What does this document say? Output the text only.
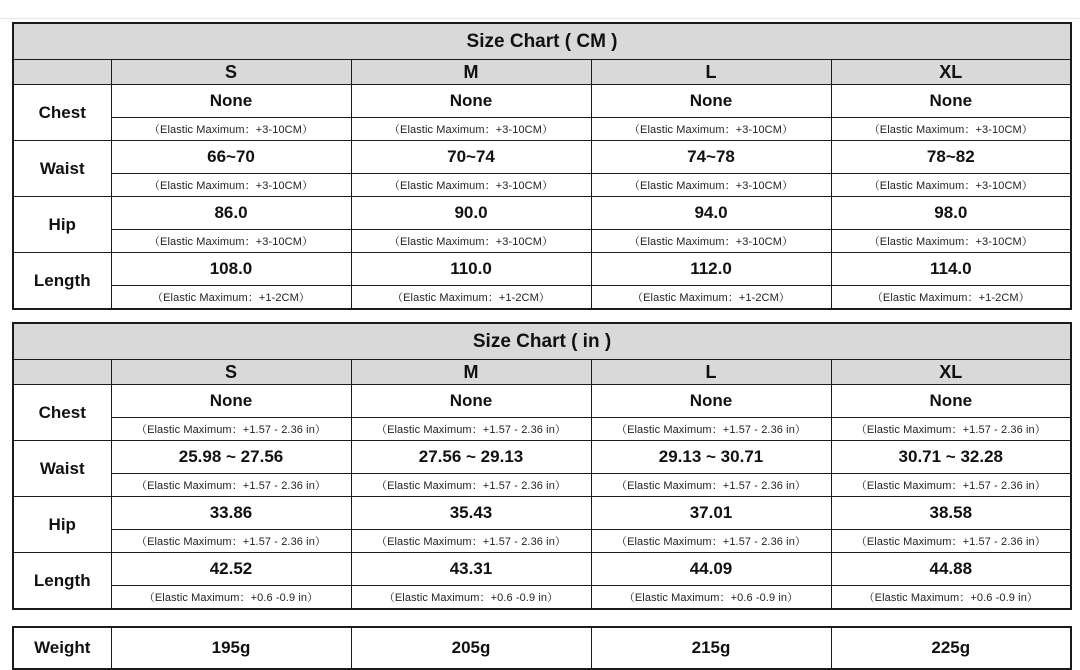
Size Chart ( CM )				
	S	M	L	XL
Chest	None	None	None	None
	（Elastic Maximum：+3-10CM）	（Elastic Maximum：+3-10CM）	（Elastic Maximum：+3-10CM）	（Elastic Maximum：+3-10CM）
Waist	66~70	70~74	74~78	78~82
	（Elastic Maximum：+3-10CM）	（Elastic Maximum：+3-10CM）	（Elastic Maximum：+3-10CM）	（Elastic Maximum：+3-10CM）
Hip	86.0	90.0	94.0	98.0
	（Elastic Maximum：+3-10CM）	（Elastic Maximum：+3-10CM）	（Elastic Maximum：+3-10CM）	（Elastic Maximum：+3-10CM）
Length	108.0	110.0	112.0	114.0
	（Elastic Maximum：+1-2CM）	（Elastic Maximum：+1-2CM）	（Elastic Maximum：+1-2CM）	（Elastic Maximum：+1-2CM）
Size Chart ( in )				
	S	M	L	XL
Chest	None	None	None	None
	（Elastic Maximum：+1.57 - 2.36 in）	（Elastic Maximum：+1.57 - 2.36 in）	（Elastic Maximum：+1.57 - 2.36 in）	（Elastic Maximum：+1.57 - 2.36 in）
Waist	25.98 ~ 27.56	27.56 ~ 29.13	29.13 ~ 30.71	30.71 ~ 32.28
	（Elastic Maximum：+1.57 - 2.36 in）	（Elastic Maximum：+1.57 - 2.36 in）	（Elastic Maximum：+1.57 - 2.36 in）	（Elastic Maximum：+1.57 - 2.36 in）
Hip	33.86	35.43	37.01	38.58
	（Elastic Maximum：+1.57 - 2.36 in）	（Elastic Maximum：+1.57 - 2.36 in）	（Elastic Maximum：+1.57 - 2.36 in）	（Elastic Maximum：+1.57 - 2.36 in）
Length	42.52	43.31	44.09	44.88
	（Elastic Maximum：+0.6 -0.9 in）	（Elastic Maximum：+0.6 -0.9 in）	（Elastic Maximum：+0.6 -0.9 in）	（Elastic Maximum：+0.6 -0.9 in）
Weight	195g	205g	215g	225g
